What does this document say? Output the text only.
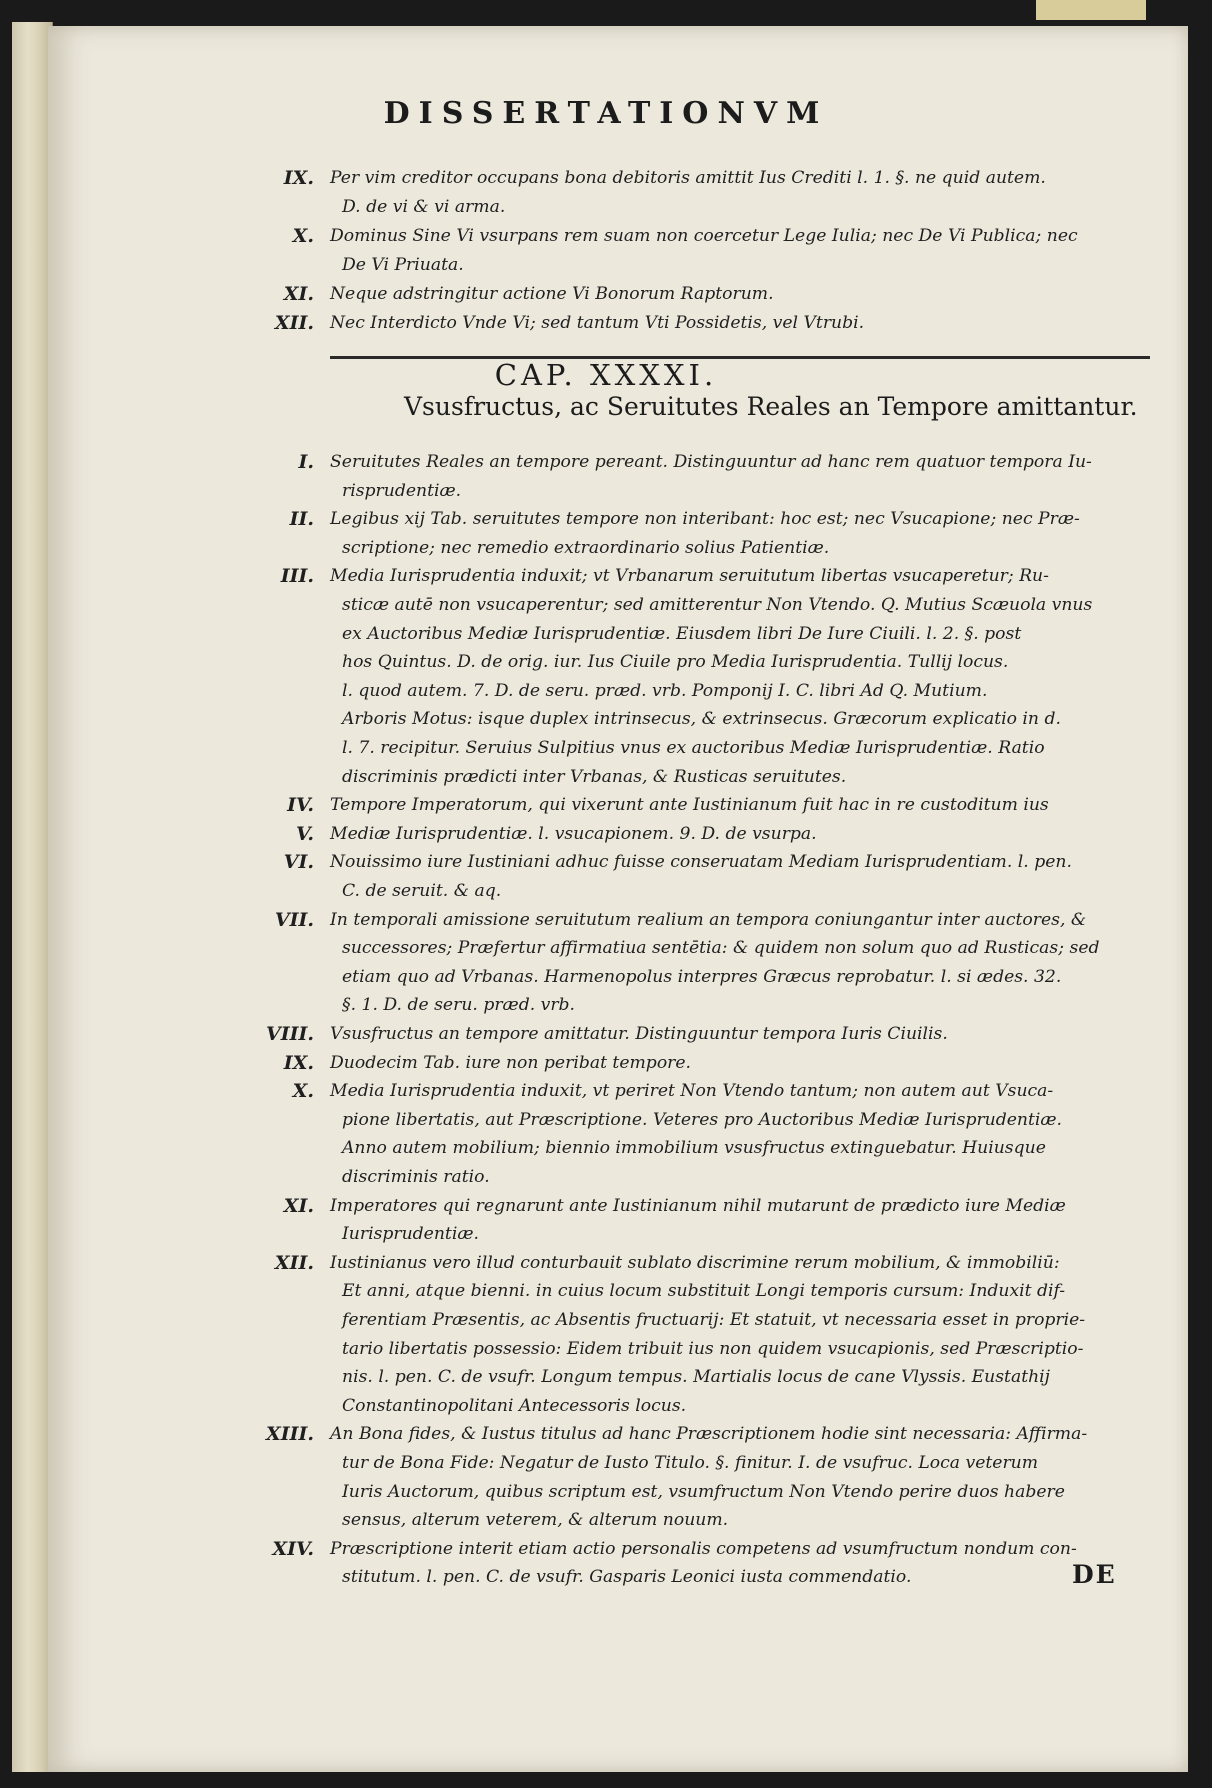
DISSERTATIONVM
IX. Per vim creditor occupans bona debitoris amittit Ius Crediti l. 1. §. ne quid autem.
D. de vi & vi arma.
X. Dominus Sine Vi vsurpans rem suam non coercetur Lege Iulia; nec De Vi Publica; nec
De Vi Priuata.
XI. Neque adstringitur actione Vi Bonorum Raptorum.
XII. Nec Interdicto Vnde Vi; sed tantum Vti Possidetis, vel Vtrubi.
CAP. XXXXI.
Vsusfructus, ac Seruitutes Reales an Tempore amittantur.
I. Seruitutes Reales an tempore pereant. Distinguuntur ad hanc rem quatuor tempora Iu-
risprudentiæ.
II. Legibus xij Tab. seruitutes tempore non interibant: hoc est; nec Vsucapione; nec Præ-
scriptione; nec remedio extraordinario solius Patientiæ.
III. Media Iurisprudentia induxit; vt Vrbanarum seruitutum libertas vsucaperetur; Ru-
sticæ autē non vsucaperentur; sed amitterentur Non Vtendo. Q. Mutius Scæuola vnus
ex Auctoribus Mediæ Iurisprudentiæ. Eiusdem libri De Iure Ciuili. l. 2. §. post
hos Quintus. D. de orig. iur. Ius Ciuile pro Media Iurisprudentia. Tullij locus.
l. quod autem. 7. D. de seru. præd. vrb. Pomponij I. C. libri Ad Q. Mutium.
Arboris Motus: isque duplex intrinsecus, & extrinsecus. Græcorum explicatio in d.
l. 7. recipitur. Seruius Sulpitius vnus ex auctoribus Mediæ Iurisprudentiæ. Ratio
discriminis prædicti inter Vrbanas, & Rusticas seruitutes.
IV. Tempore Imperatorum, qui vixerunt ante Iustinianum fuit hac in re custoditum ius
V. Mediæ Iurisprudentiæ. l. vsucapionem. 9. D. de vsurpa.
VI. Nouissimo iure Iustiniani adhuc fuisse conseruatam Mediam Iurisprudentiam. l. pen.
C. de seruit. & aq.
VII. In temporali amissione seruitutum realium an tempora coniungantur inter auctores, &
successores; Præfertur affirmatiua sentētia: & quidem non solum quo ad Rusticas; sed
etiam quo ad Vrbanas. Harmenopolus interpres Græcus reprobatur. l. si ædes. 32.
§. 1. D. de seru. præd. vrb.
VIII. Vsusfructus an tempore amittatur. Distinguuntur tempora Iuris Ciuilis.
IX. Duodecim Tab. iure non peribat tempore.
X. Media Iurisprudentia induxit, vt periret Non Vtendo tantum; non autem aut Vsuca-
pione libertatis, aut Præscriptione. Veteres pro Auctoribus Mediæ Iurisprudentiæ.
Anno autem mobilium; biennio immobilium vsusfructus extinguebatur. Huiusque
discriminis ratio.
XI. Imperatores qui regnarunt ante Iustinianum nihil mutarunt de prædicto iure Mediæ
Iurisprudentiæ.
XII. Iustinianus vero illud conturbauit sublato discrimine rerum mobilium, & immobiliū:
Et anni, atque bienni. in cuius locum substituit Longi temporis cursum: Induxit dif-
ferentiam Præsentis, ac Absentis fructuarij: Et statuit, vt necessaria esset in proprie-
tario libertatis possessio: Eidem tribuit ius non quidem vsucapionis, sed Præscriptio-
nis. l. pen. C. de vsufr. Longum tempus. Martialis locus de cane Vlyssis. Eustathij
Constantinopolitani Antecessoris locus.
XIII. An Bona fides, & Iustus titulus ad hanc Præscriptionem hodie sint necessaria: Affirma-
tur de Bona Fide: Negatur de Iusto Titulo. §. finitur. I. de vsufruc. Loca veterum
Iuris Auctorum, quibus scriptum est, vsumfructum Non Vtendo perire duos habere
sensus, alterum veterem, & alterum nouum.
XIV. Præscriptione interit etiam actio personalis competens ad vsumfructum nondum con-
stitutum. l. pen. C. de vsufr. Gasparis Leonici iusta commendatio.	DE
